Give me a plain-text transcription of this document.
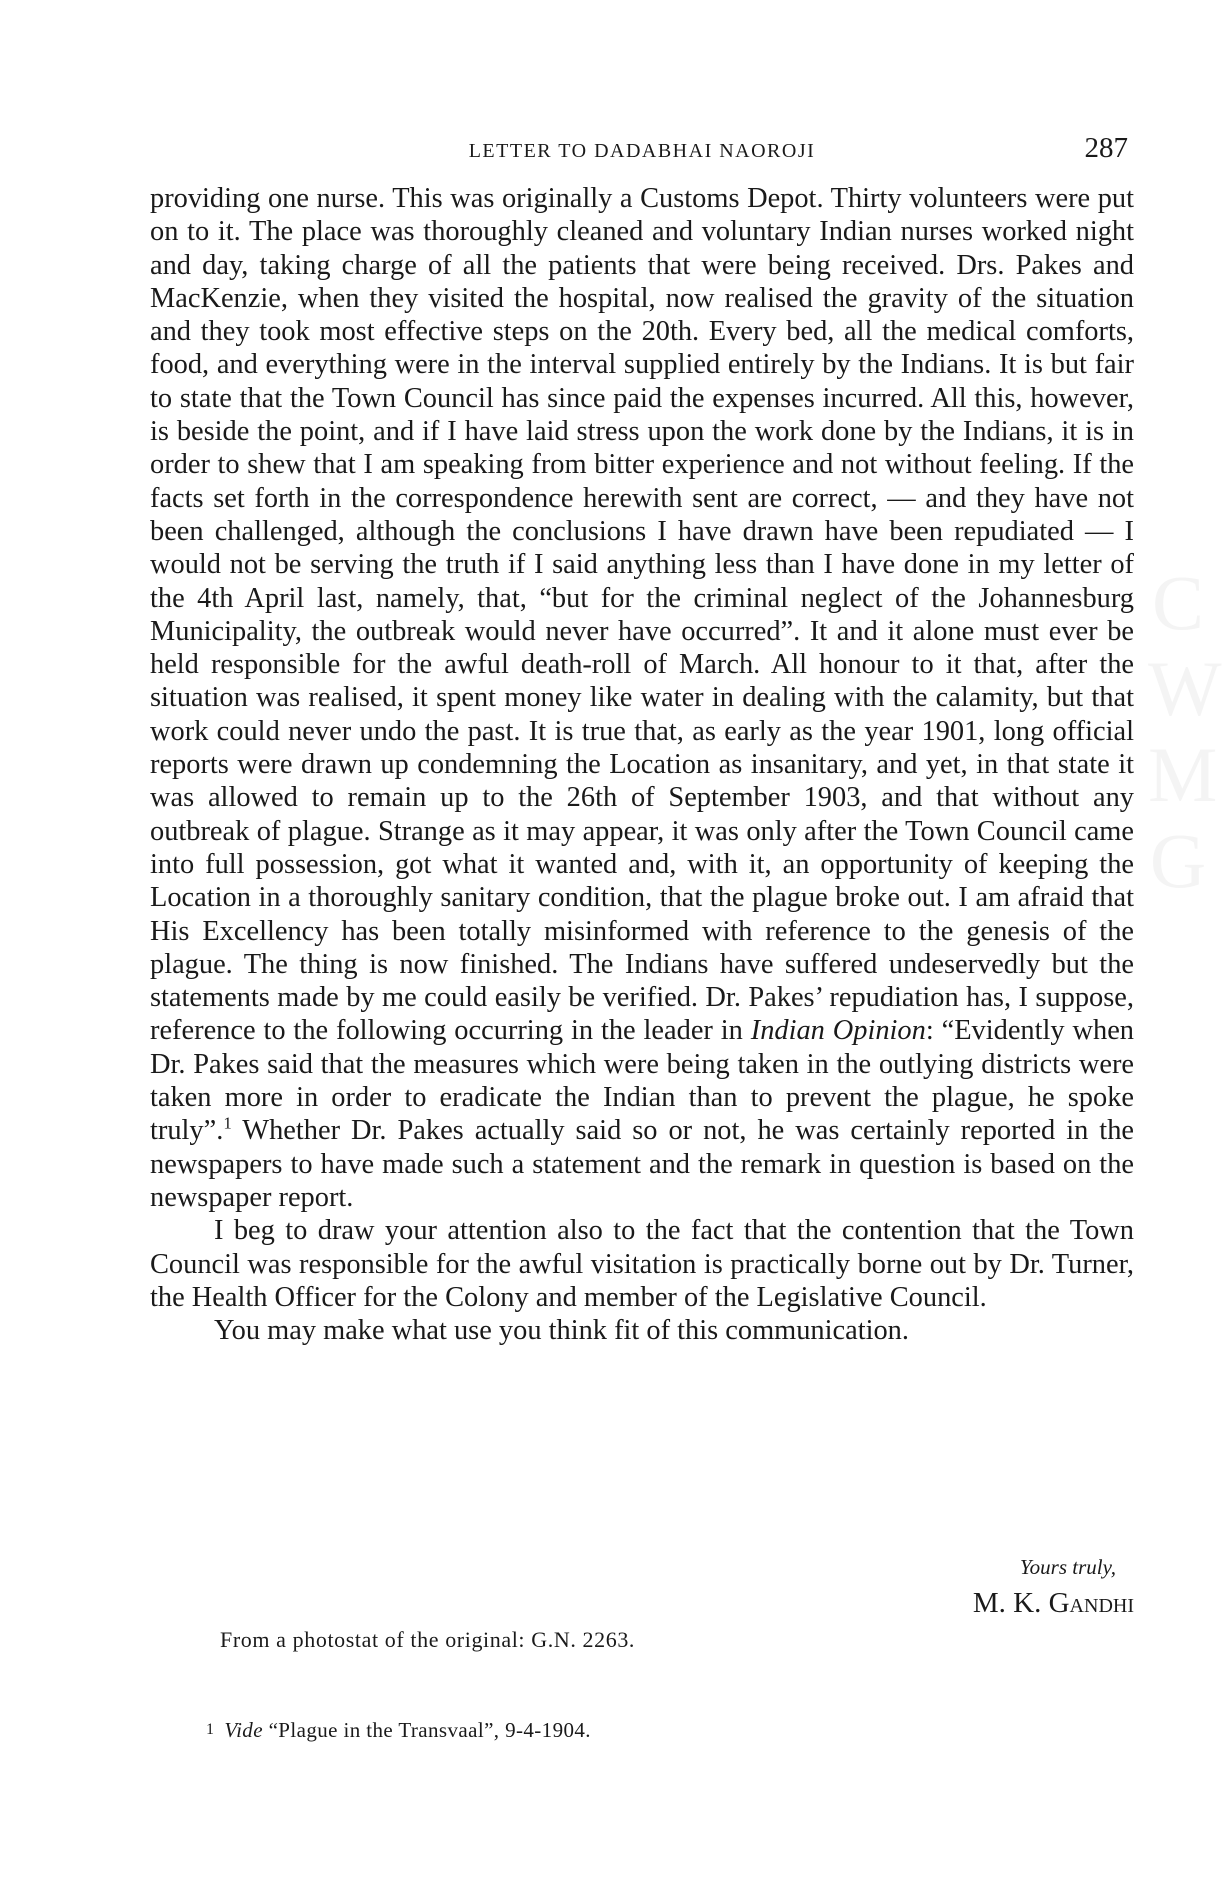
C W M G
LETTER TO DADABHAI NAOROJI	287

providing one nurse. This was originally a Customs Depot. Thirty volunteers were put on to it. The place was thoroughly cleaned and voluntary Indian nurses worked night and day, taking charge of all the patients that were being received. Drs. Pakes and MacKenzie, when they visited the hospital, now realised the gravity of the situation and they took most effective steps on the 20th. Every bed, all the medical comforts, food, and everything were in the interval supplied entirely by the Indians. It is but fair to state that the Town Council has since paid the expenses incurred. All this, however, is beside the point, and if I have laid stress upon the work done by the Indians, it is in order to shew that I am speaking from bitter experience and not without feeling. If the facts set forth in the correspondence herewith sent are correct, — and they have not been challenged, although the conclusions I have drawn have been repudiated — I would not be serving the truth if I said anything less than I have done in my letter of the 4th April last, namely, that, “but for the criminal neglect of the Johannesburg Municipality, the outbreak would never have occurred”. It and it alone must ever be held responsible for the awful death-roll of March. All honour to it that, after the situation was realised, it spent money like water in dealing with the calamity, but that work could never undo the past. It is true that, as early as the year 1901, long official reports were drawn up condemning the Location as insanitary, and yet, in that state it was allowed to remain up to the 26th of September 1903, and that without any outbreak of plague. Strange as it may appear, it was only after the Town Council came into full possession, got what it wanted and, with it, an opportunity of keeping the Location in a thoroughly sanitary condition, that the plague broke out. I am afraid that His Excellency has been totally misinformed with reference to the genesis of the plague. The thing is now finished. The Indians have suffered undeservedly but the statements made by me could easily be verified. Dr. Pakes’ repudiation has, I suppose, reference to the following occurring in the leader in Indian Opinion: “Evidently when Dr. Pakes said that the measures which were being taken in the outlying districts were taken more in order to eradicate the Indian than to prevent the plague, he spoke truly”.$^1$ Whether Dr. Pakes actually said so or not, he was certainly reported in the newspapers to have made such a statement and the remark in question is based on the newspaper report.

I beg to draw your attention also to the fact that the contention that the Town Council was responsible for the awful visitation is practically borne out by Dr. Turner, the Health Officer for the Colony and member of the Legislative Council.

You may make what use you think fit of this communication.

Yours truly,
M. K. Gandhi
From a photostat of the original: G.N. 2263.
1 Vide “Plague in the Transvaal”, 9-4-1904.
